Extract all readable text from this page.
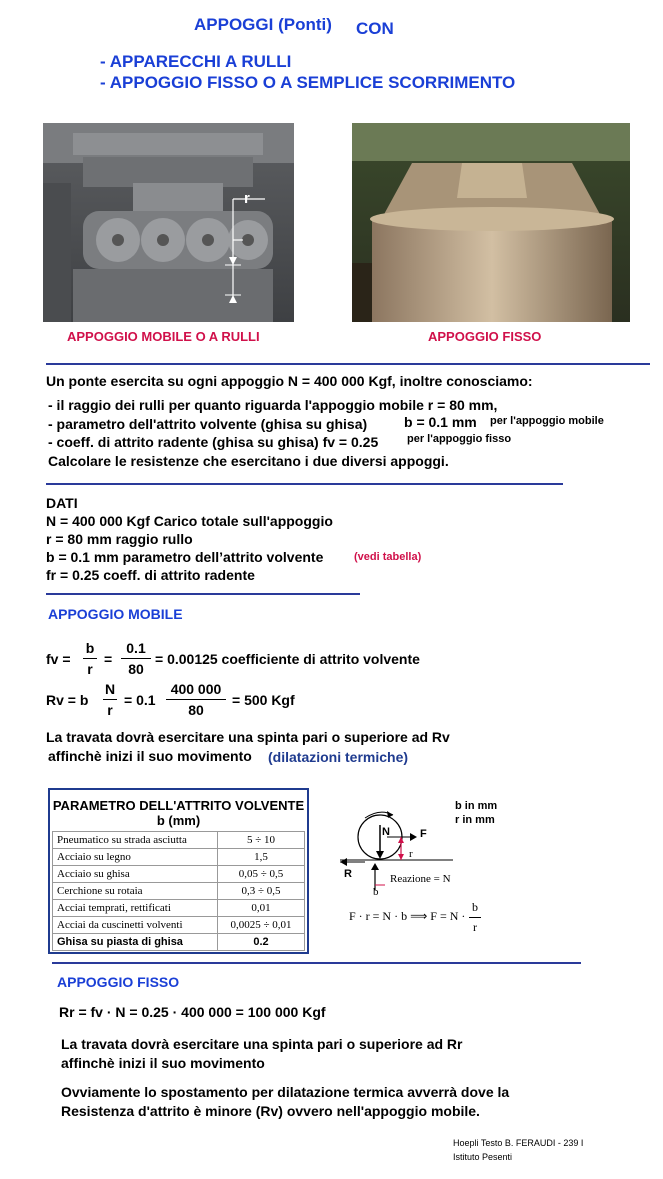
APPOGGI (Ponti) CON
- APPARECCHI A RULLI
- APPOGGIO FISSO O A SEMPLICE SCORRIMENTO
r
APPOGGIO MOBILE O A RULLI	APPOGGIO FISSO
Un ponte esercita su ogni appoggio N = 400 000 Kgf, inoltre conosciamo:
- il raggio dei rulli per quanto riguarda l'appoggio mobile r = 80 mm,
- parametro dell'attrito volvente (ghisa su ghisa)	b = 0.1 mm per l'appoggio mobile
- coeff. di attrito radente (ghisa su ghisa) fv = 0.25	per l'appoggio fisso
Calcolare le resistenze che esercitano i due diversi appoggi.
DATI
N = 400 000 Kgf Carico totale sull'appoggio
r = 80 mm raggio rullo
b = 0.1 mm parametro dell’attrito volvente	(vedi tabella)
fr = 0.25 coeff. di attrito radente
APPOGGIO MOBILE
fv =
b
r
=
0.1
80
= 0.00125 coefficiente di attrito volvente
Rv = b
N
r
= 0.1
400 000
80
= 500 Kgf
La travata dovrà esercitare una spinta pari o superiore ad Rv
affinchè inizi il suo movimento (dilatazioni termiche)
PARAMETRO DELL'ATTRITO VOLVENTE
b (mm)
Pneumatico su strada asciutta	5 ÷ 10
Acciaio su legno	1,5
Acciaio su ghisa	0,05 ÷ 0,5
Cerchione su rotaia	0,3 ÷ 0,5
Acciai temprati, rettificati	0,01
Acciai da cuscinetti volventi	0,0025 ÷ 0,01
Ghisa su piasta di ghisa	0.2
b in mm
r in mm
N	F
r
R	Reazione = N
b
F · r = N · b ⟹ F = N ·
b
r
APPOGGIO FISSO
Rr = fv · N = 0.25 · 400 000 = 100 000 Kgf
La travata dovrà esercitare una spinta pari o superiore ad Rr
affinchè inizi il suo movimento
Ovviamente lo spostamento per dilatazione termica avverrà dove la
Resistenza d'attrito è minore (Rv) ovvero nell'appoggio mobile.
Hoepli Testo B. FERAUDI - 239 I
Istituto Pesenti
